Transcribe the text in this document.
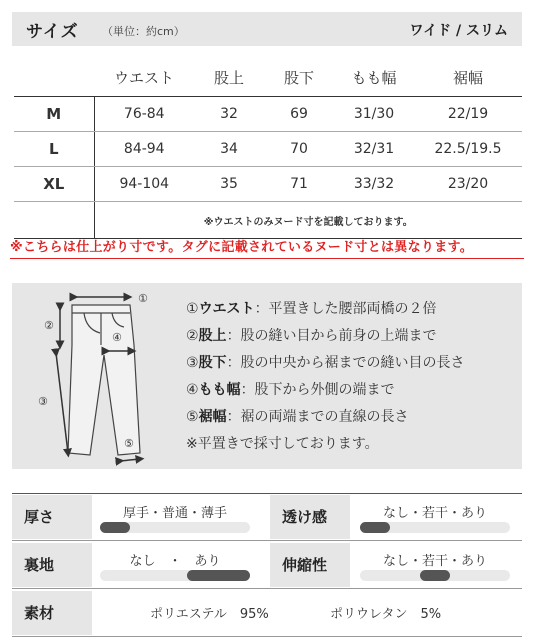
サイズ （単位：約cm）	ワイド / スリム
	ウエスト	股上	股下	もも幅	裾幅
M	76-84	32	69	31/30	22/19
L	84-94	34	70	32/31	22.5/19.5
XL	94-104	35	71	33/32	23/20
	※ウエストのみヌード寸を記載しております。				
※こちらは仕上がり寸です。タグに記載されているヌード寸とは異なります。
①
②
③
④
⑤
①ウエスト：平置きした腰部両橋の２倍
②股上：股の縫い目から前身の上端まで
③股下：股の中央から裾までの縫い目の長さ
④もも幅：股下から外側の端まで
⑤裾幅：裾の両端までの直線の長さ
※平置きで採寸しております。
厚さ	厚手・普通・薄手	透け感	なし・若干・あり
裏地	なし　・　あり	伸縮性	なし・若干・あり
素材	ポリエステル　95%	ポリウレタン　5%
